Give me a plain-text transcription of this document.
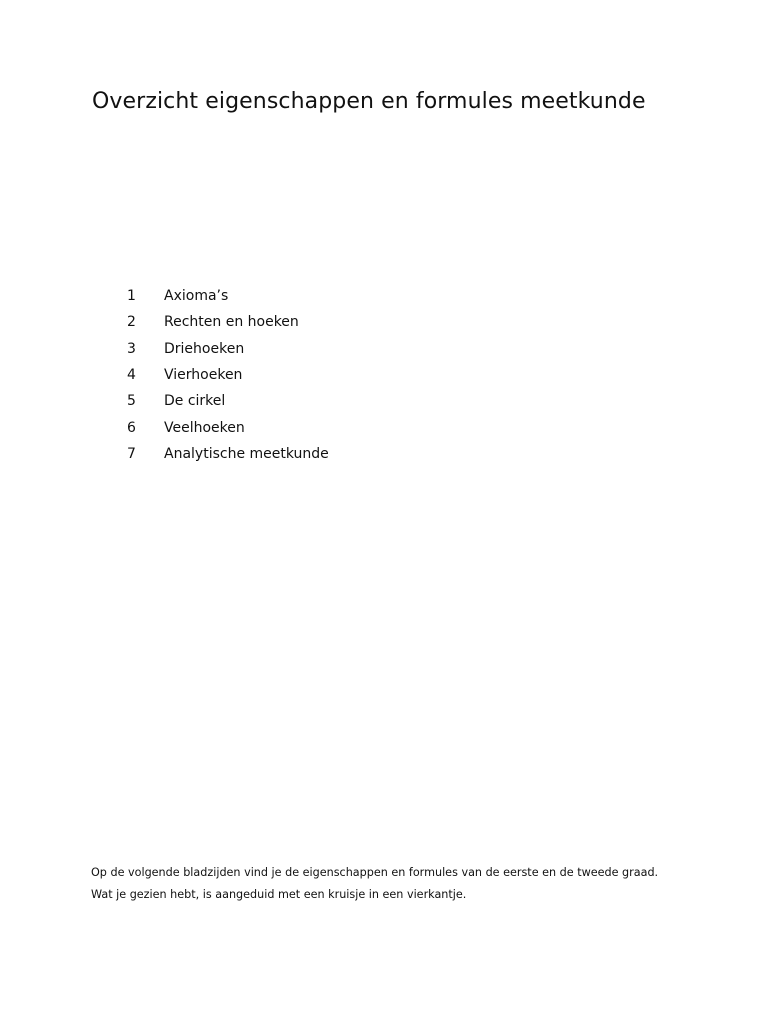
Overzicht eigenschappen en formules meetkunde
1	Axioma’s
2	Rechten en hoeken
3	Driehoeken
4	Vierhoeken
5	De cirkel
6	Veelhoeken
7	Analytische meetkunde

Op de volgende bladzijden vind je de eigenschappen en formules van de eerste en de tweede graad.

Wat je gezien hebt, is aangeduid met een kruisje in een vierkantje.
